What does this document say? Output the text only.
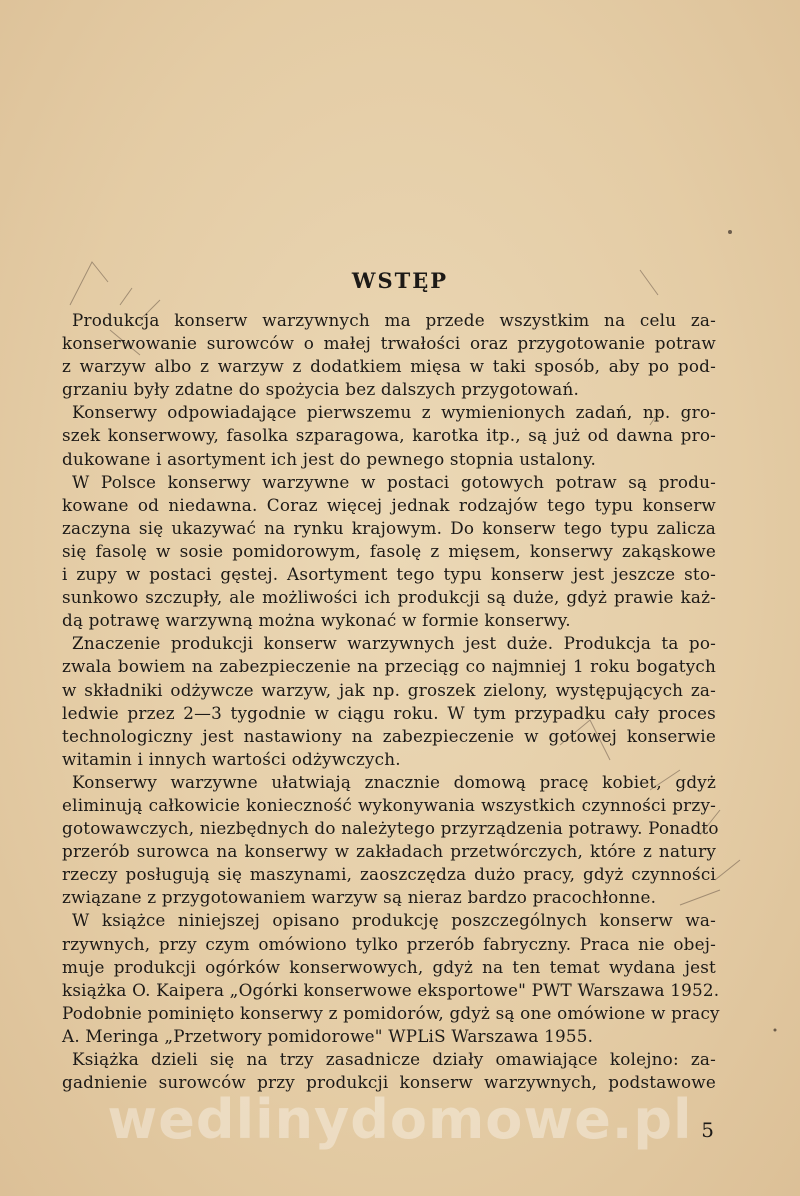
WSTĘP
Produkcja konserw warzywnych ma przede wszystkim na celu za-
konserwowanie surowców o małej trwałości oraz przygotowanie potraw
z warzyw albo z warzyw z dodatkiem mięsa w taki sposób, aby po pod-
grzaniu były zdatne do spożycia bez dalszych przygotowań.
Konserwy odpowiadające pierwszemu z wymienionych zadań, np. gro-
szek konserwowy, fasolka szparagowa, karotka itp., są już od dawna pro-
dukowane i asortyment ich jest do pewnego stopnia ustalony.
W Polsce konserwy warzywne w postaci gotowych potraw są produ-
kowane od niedawna. Coraz więcej jednak rodzajów tego typu konserw
zaczyna się ukazywać na rynku krajowym. Do konserw tego typu zalicza
się fasolę w sosie pomidorowym, fasolę z mięsem, konserwy zakąskowe
i zupy w postaci gęstej. Asortyment tego typu konserw jest jeszcze sto-
sunkowo szczupły, ale możliwości ich produkcji są duże, gdyż prawie każ-
dą potrawę warzywną można wykonać w formie konserwy.
Znaczenie produkcji konserw warzywnych jest duże. Produkcja ta po-
zwala bowiem na zabezpieczenie na przeciąg co najmniej 1 roku bogatych
w składniki odżywcze warzyw, jak np. groszek zielony, występujących za-
ledwie przez 2—3 tygodnie w ciągu roku. W tym przypadku cały proces
technologiczny jest nastawiony na zabezpieczenie w gotowej konserwie
witamin i innych wartości odżywczych.
Konserwy warzywne ułatwiają znacznie domową pracę kobiet, gdyż
eliminują całkowicie konieczność wykonywania wszystkich czynności przy-
gotowawczych, niezbędnych do należytego przyrządzenia potrawy. Ponadto
przerób surowca na konserwy w zakładach przetwórczych, które z natury
rzeczy posługują się maszynami, zaoszczędza dużo pracy, gdyż czynności
związane z przygotowaniem warzyw są nieraz bardzo pracochłonne.
W książce niniejszej opisano produkcję poszczególnych konserw wa-
rzywnych, przy czym omówiono tylko przerób fabryczny. Praca nie obej-
muje produkcji ogórków konserwowych, gdyż na ten temat wydana jest
książka O. Kaipera „Ogórki konserwowe eksportowe" PWT Warszawa 1952.
Podobnie pominięto konserwy z pomidorów, gdyż są one omówione w pracy
A. Meringa „Przetwory pomidorowe" WPLiS Warszawa 1955.
Książka dzieli się na trzy zasadnicze działy omawiające kolejno: za-
gadnienie surowców przy produkcji konserw warzywnych, podstawowe
wedlinydomowe.pl 5
